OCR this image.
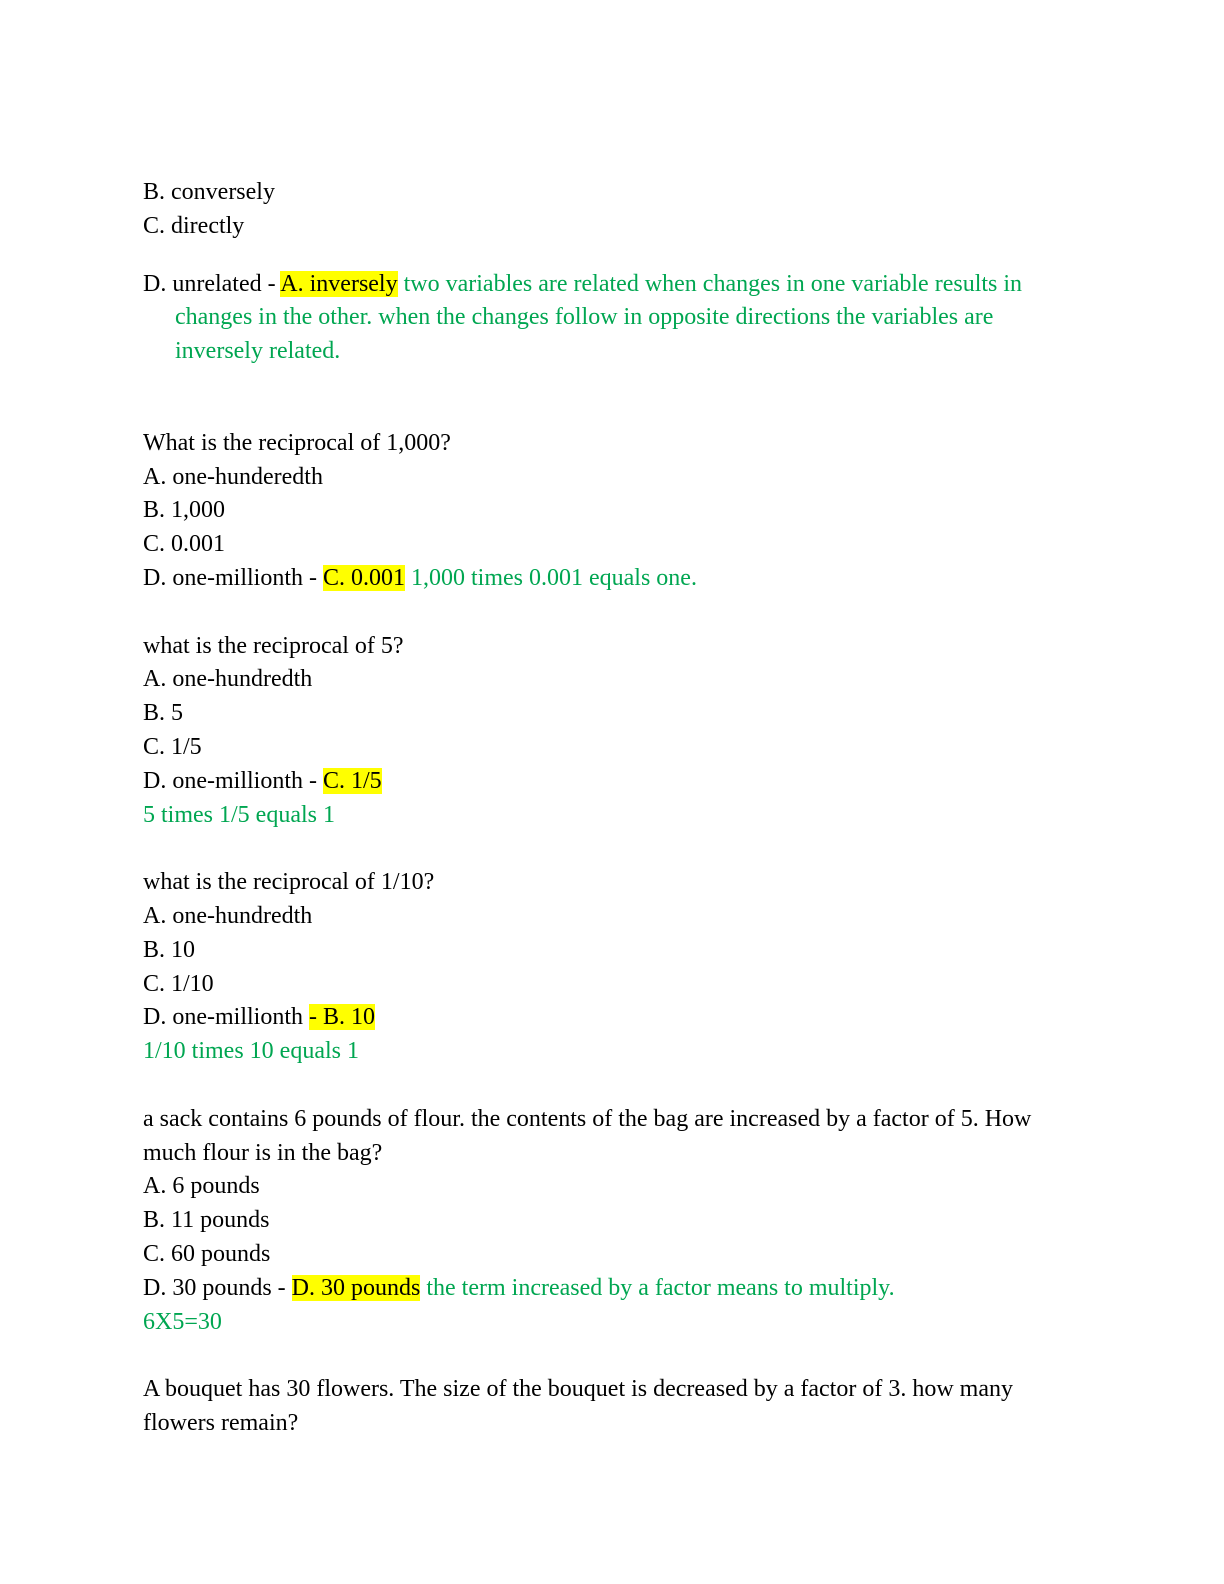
B. conversely

C. directly

D. unrelated - A. inversely two variables are related when changes in one variable results in changes in the other. when the changes follow in opposite directions the variables are inversely related.

What is the reciprocal of 1,000?

A. one-hunderedth

B. 1,000

C. 0.001

D. one-millionth - C. 0.001 1,000 times 0.001 equals one.

what is the reciprocal of 5?

A. one-hundredth

B. 5

C. 1/5

D. one-millionth - C. 1/5

5 times 1/5 equals 1

what is the reciprocal of 1/10?

A. one-hundredth

B. 10

C. 1/10

D. one-millionth - B. 10

1/10 times 10 equals 1

a sack contains 6 pounds of flour. the contents of the bag are increased by a factor of 5. How much flour is in the bag?

A. 6 pounds

B. 11 pounds

C. 60 pounds

D. 30 pounds - D. 30 pounds the term increased by a factor means to multiply.

6X5=30

A bouquet has 30 flowers. The size of the bouquet is decreased by a factor of 3. how many flowers remain?
